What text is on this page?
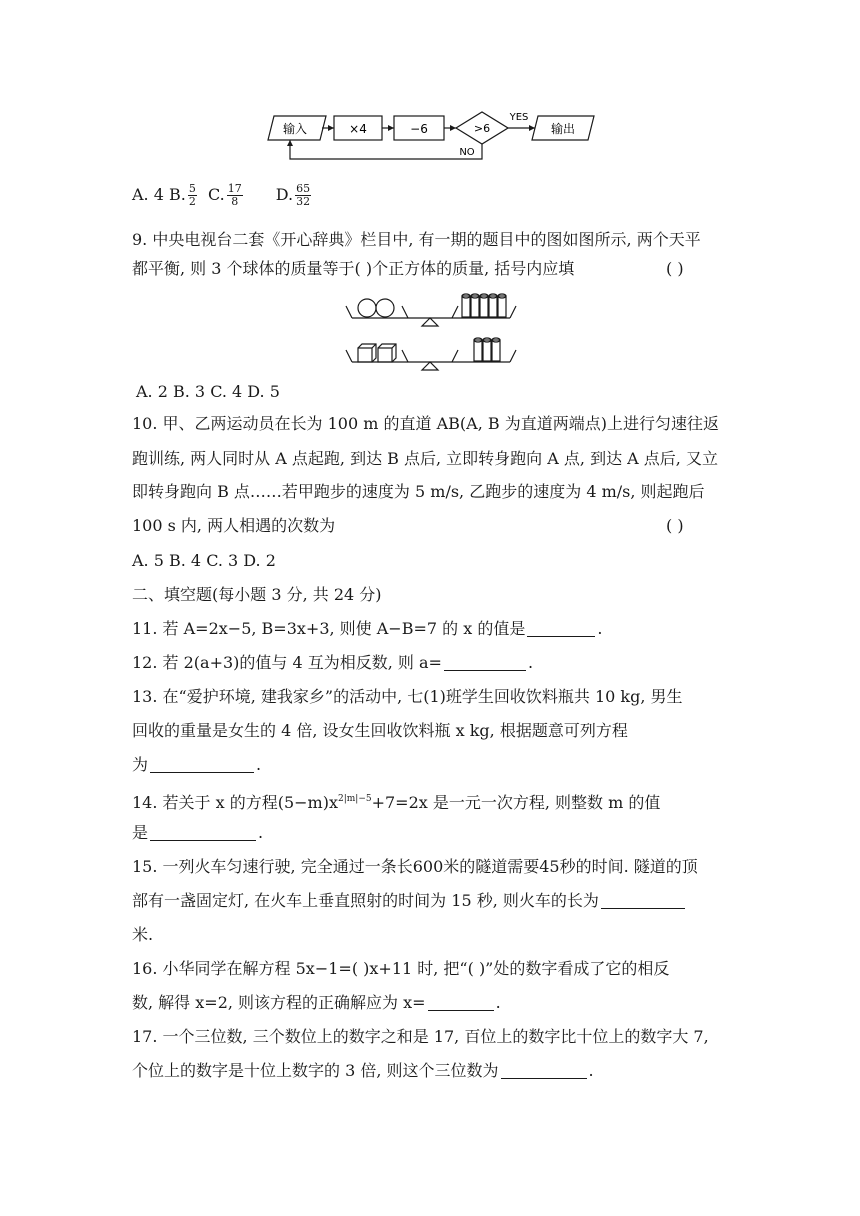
输入	×4	−6	>6
YES
NO
输出
A. 4 B. $\frac{5}{2} C$. $\frac{17}{8} D$. $\frac{65}{32}$
9. 中央电视台二套《开心辞典》栏目中, 有一期的题目中的图如图所示, 两个天平
都平衡, 则 3 个球体的质量等于( )个正方体的质量, 括号内应填	( )
A. 2 B. 3 C. 4 D. 5
10. 甲、乙两运动员在长为 100 m 的直道 AB(A, B 为直道两端点)上进行匀速往返
跑训练, 两人同时从 A 点起跑, 到达 B 点后, 立即转身跑向 A 点, 到达 A 点后, 又立
即转身跑向 B 点……若甲跑步的速度为 5 m/s, 乙跑步的速度为 4 m/s, 则起跑后
100 s 内, 两人相遇的次数为	( )
A. 5 B. 4 C. 3 D. 2
二、填空题(每小题 3 分, 共 24 分)
11. 若 A=2x−5, B=3x+3, 则使 A−B=7 的 x 的值是	.
12. 若 2(a+3)的值与 4 互为相反数, 则 a=	.
13. 在“爱护环境, 建我家乡”的活动中, 七(1)班学生回收饮料瓶共 10 kg, 男生
回收的重量是女生的 4 倍, 设女生回收饮料瓶 x kg, 根据题意可列方程
为	.
14. 若关于 x 的方程$(5-m)x^{2|m|-5}+7=2x$ 是一元一次方程, 则整数 m 的值
是	.
15. 一列火车匀速行驶, 完全通过一条长600米的隧道需要45秒的时间. 隧道的顶
部有一盏固定灯, 在火车上垂直照射的时间为 15 秒, 则火车的长为
米.
16. 小华同学在解方程 5x−1=( )x+11 时, 把“( )”处的数字看成了它的相反
数, 解得 x=2, 则该方程的正确解应为 x=	.
17. 一个三位数, 三个数位上的数字之和是 17, 百位上的数字比十位上的数字大 7,
个位上的数字是十位上数字的 3 倍, 则这个三位数为	.
